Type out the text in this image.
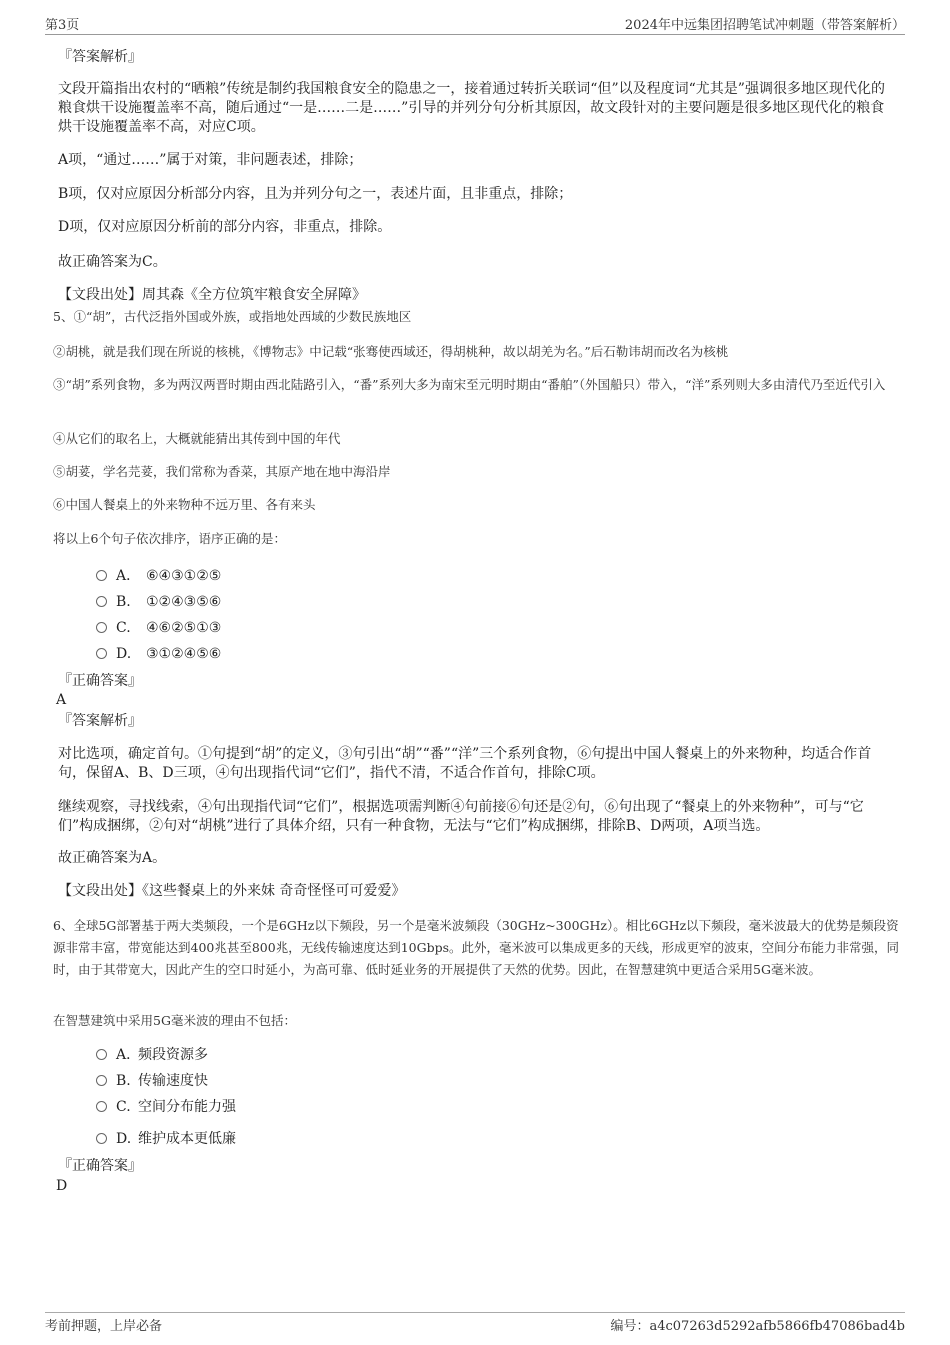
第3页	2024年中远集团招聘笔试冲刺题（带答案解析）
『答案解析』

文段开篇指出农村的“晒粮”传统是制约我国粮食安全的隐患之一，接着通过转折关联词“但”以及程度词“尤其是”强调很多地区现代化的粮食烘干设施覆盖率不高，随后通过“一是……二是……”引导的并列分句分析其原因，故文段针对的主要问题是很多地区现代化的粮食烘干设施覆盖率不高，对应C项。

A项，“通过……”属于对策，非问题表述，排除；
B项，仅对应原因分析部分内容，且为并列分句之一，表述片面，且非重点，排除；
D项，仅对应原因分析前的部分内容，非重点，排除。
故正确答案为C。
【文段出处】周其森《全方位筑牢粮食安全屏障》
5、①“胡”，古代泛指外国或外族，或指地处西域的少数民族地区
②胡桃，就是我们现在所说的核桃，《博物志》中记载“张骞使西域还，得胡桃种，故以胡羌为名。”后石勒讳胡而改名为核桃

③“胡”系列食物，多为两汉两晋时期由西北陆路引入，“番”系列大多为南宋至元明时期由“番舶”（外国船只）带入，“洋”系列则大多由清代乃至近代引入

④从它们的取名上，大概就能猜出其传到中国的年代
⑤胡荽，学名芫荽，我们常称为香菜，其原产地在地中海沿岸
⑥中国人餐桌上的外来物种不远万里、各有来头
将以上6个句子依次排序，语序正确的是：
A． ⑥④③①②⑤
B. ①②④③⑤⑥
C. ④⑥②⑤①③
D. ③①②④⑤⑥
『正确答案』
A
『答案解析』

对比选项，确定首句。①句提到“胡”的定义，③句引出“胡”“番”“洋”三个系列食物，⑥句提出中国人餐桌上的外来物种，均适合作首句，保留A、B、D三项，④句出现指代词“它们”，指代不清，不适合作首句，排除C项。

继续观察，寻找线索，④句出现指代词“它们”，根据选项需判断④句前接⑥句还是②句，⑥句出现了“餐桌上的外来物种”，可与“它们”构成捆绑，②句对“胡桃”进行了具体介绍，只有一种食物，无法与“它们”构成捆绑，排除B、D两项，A项当选。

故正确答案为A。
【文段出处】《这些餐桌上的外来妹 奇奇怪怪可可爱爱》

6、全球5G部署基于两大类频段，一个是6GHz以下频段，另一个是毫米波频段（30GHz~300GHz）。相比6GHz以下频段，毫米波最大的优势是频段资源非常丰富，带宽能达到400兆甚至800兆，无线传输速度达到10Gbps。此外，毫米波可以集成更多的天线，形成更窄的波束，空间分布能力非常强，同时，由于其带宽大，因此产生的空口时延小，为高可靠、低时延业务的开展提供了天然的优势。因此，在智慧建筑中更适合采用5G毫米波。

在智慧建筑中采用5G毫米波的理由不包括：
A．频段资源多
B. 传输速度快
C. 空间分布能力强
D. 维护成本更低廉
『正确答案』
D
考前押题，上岸必备	编号：a4c07263d5292afb5866fb47086bad4b
